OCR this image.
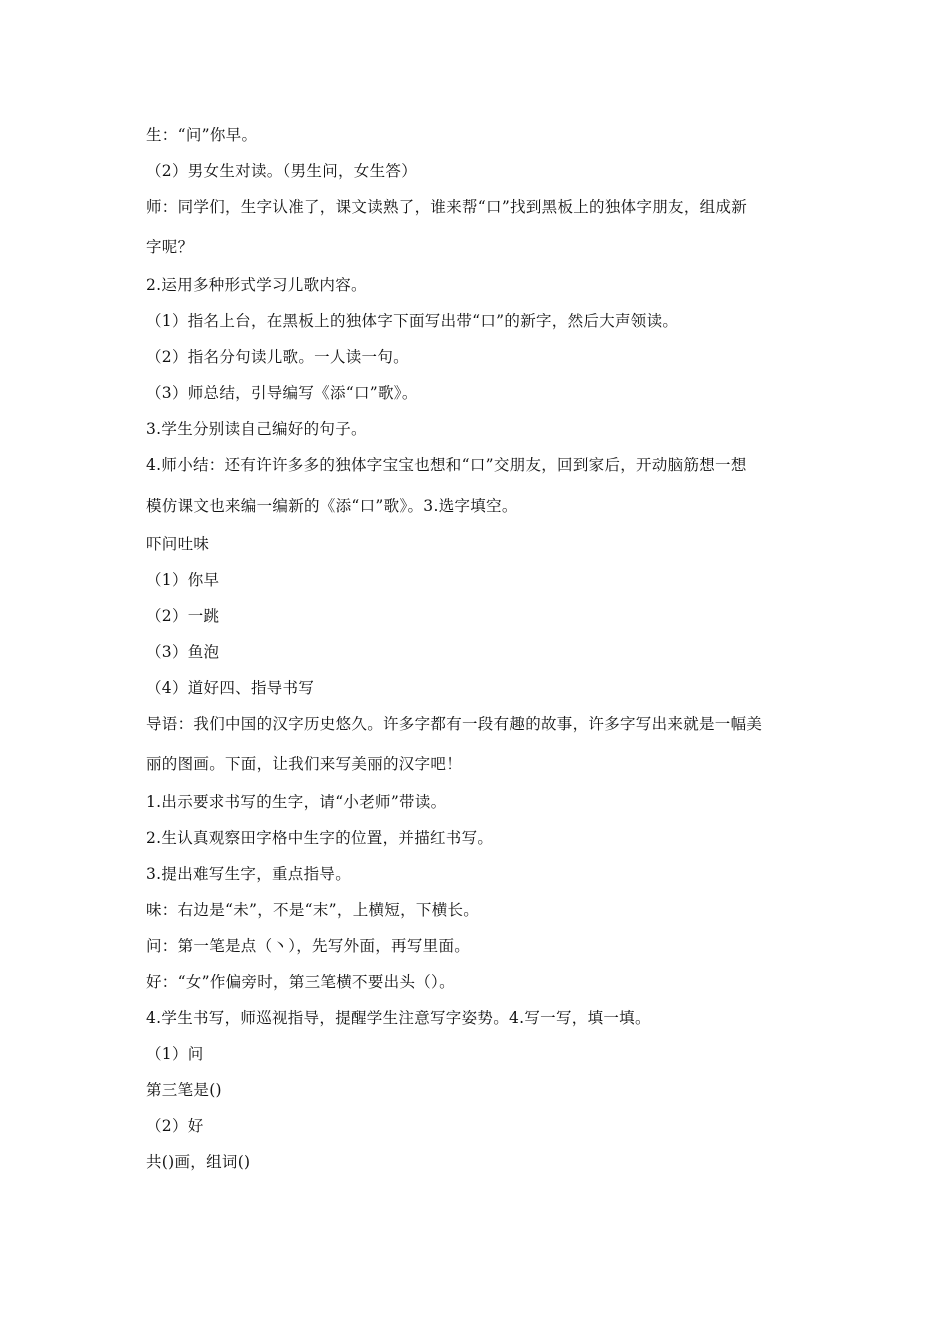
生：“问”你早。
（2）男女生对读。（男生问，女生答）
师：同学们，生字认准了，课文读熟了，谁来帮“口”找到黑板上的独体字朋友，组成新
字呢？
2.运用多种形式学习儿歌内容。
（1）指名上台，在黑板上的独体字下面写出带“口”的新字，然后大声领读。
（2）指名分句读儿歌。一人读一句。
（3）师总结，引导编写《添“口”歌》。
3.学生分别读自己编好的句子。
4.师小结：还有许许多多的独体字宝宝也想和“口”交朋友，回到家后，开动脑筋想一想
模仿课文也来编一编新的《添“口”歌》。3.选字填空。
吓问吐味
（1）你早
（2）一跳
（3）鱼泡
（4）道好四、指导书写
导语：我们中国的汉字历史悠久。许多字都有一段有趣的故事，许多字写出来就是一幅美
丽的图画。下面，让我们来写美丽的汉字吧！
1.出示要求书写的生字，请“小老师”带读。
2.生认真观察田字格中生字的位置，并描红书写。
3.提出难写生字，重点指导。
味：右边是“未”，不是“末”，上横短，下横长。
问：第一笔是点（丶），先写外面，再写里面。
好：“女”作偏旁时，第三笔横不要出头（）。
4.学生书写，师巡视指导，提醒学生注意写字姿势。4.写一写，填一填。
（1）问
第三笔是()
（2）好
共()画，组词()
